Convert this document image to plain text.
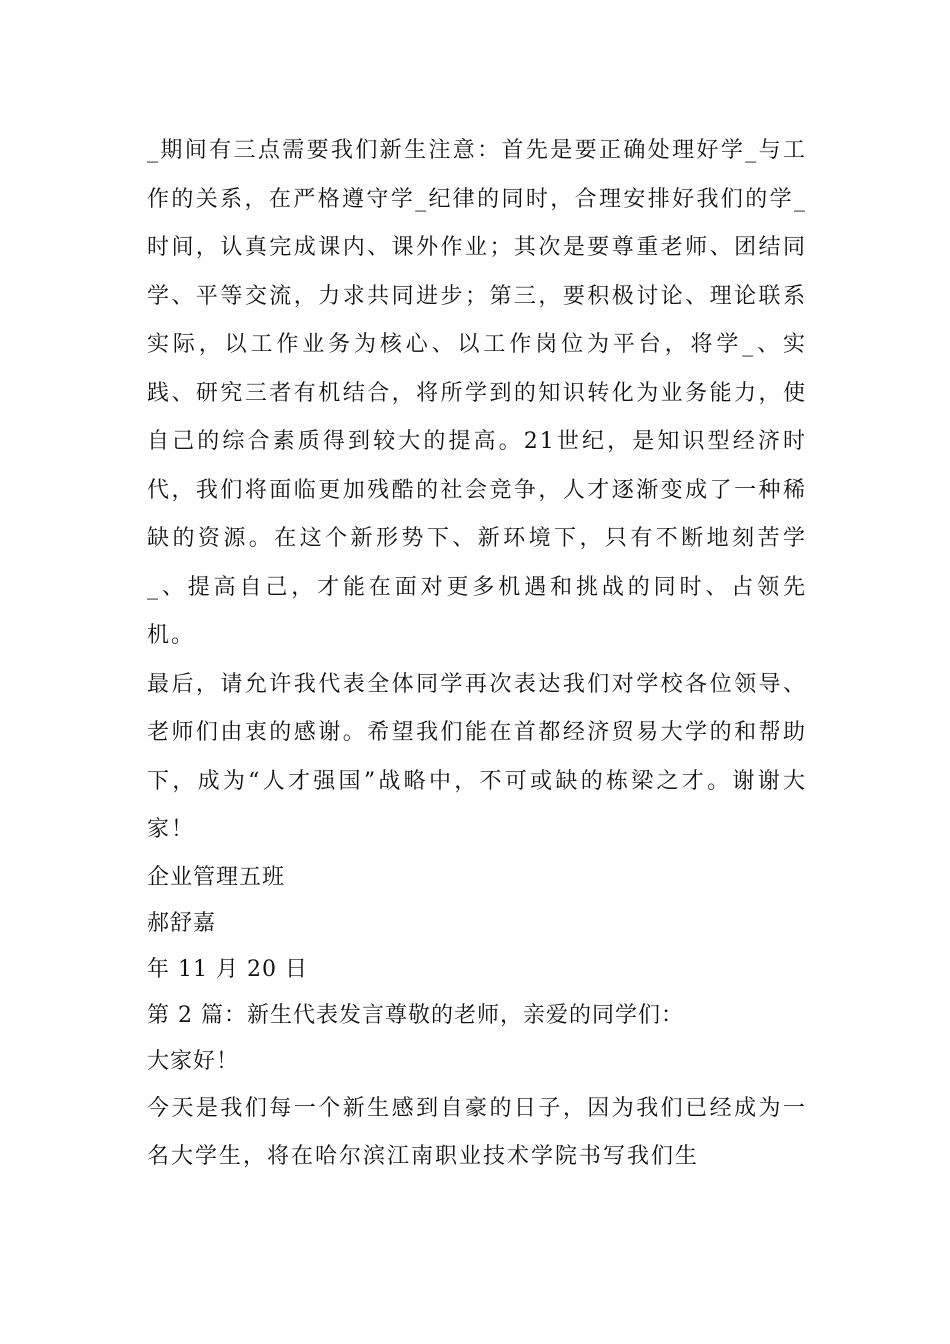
_期间有三点需要我们新生注意：首先是要正确处理好学_与工作的关系，在严格遵守学_纪律的同时，合理安排好我们的学_时间，认真完成课内、课外作业；其次是要尊重老师、团结同学、平等交流，力求共同进步；第三，要积极讨论、理论联系实际，以工作业务为核心、以工作岗位为平台，将学_、实践、研究三者有机结合，将所学到的知识转化为业务能力，使自己的综合素质得到较大的提高。21世纪，是知识型经济时代，我们将面临更加残酷的社会竞争，人才逐渐变成了一种稀缺的资源。在这个新形势下、新环境下，只有不断地刻苦学_、提高自己，才能在面对更多机遇和挑战的同时、占领先机。

最后，请允许我代表全体同学再次表达我们对学校各位领导、老师们由衷的感谢。希望我们能在首都经济贸易大学的和帮助下，成为“人才强国”战略中，不可或缺的栋梁之才。谢谢大家！

企业管理五班

郝舒嘉

年 11 月 20 日

第 2 篇：新生代表发言尊敬的老师，亲爱的同学们：

大家好！

今天是我们每一个新生感到自豪的日子，因为我们已经成为一名大学生，将在哈尔滨江南职业技术学院书写我们生
